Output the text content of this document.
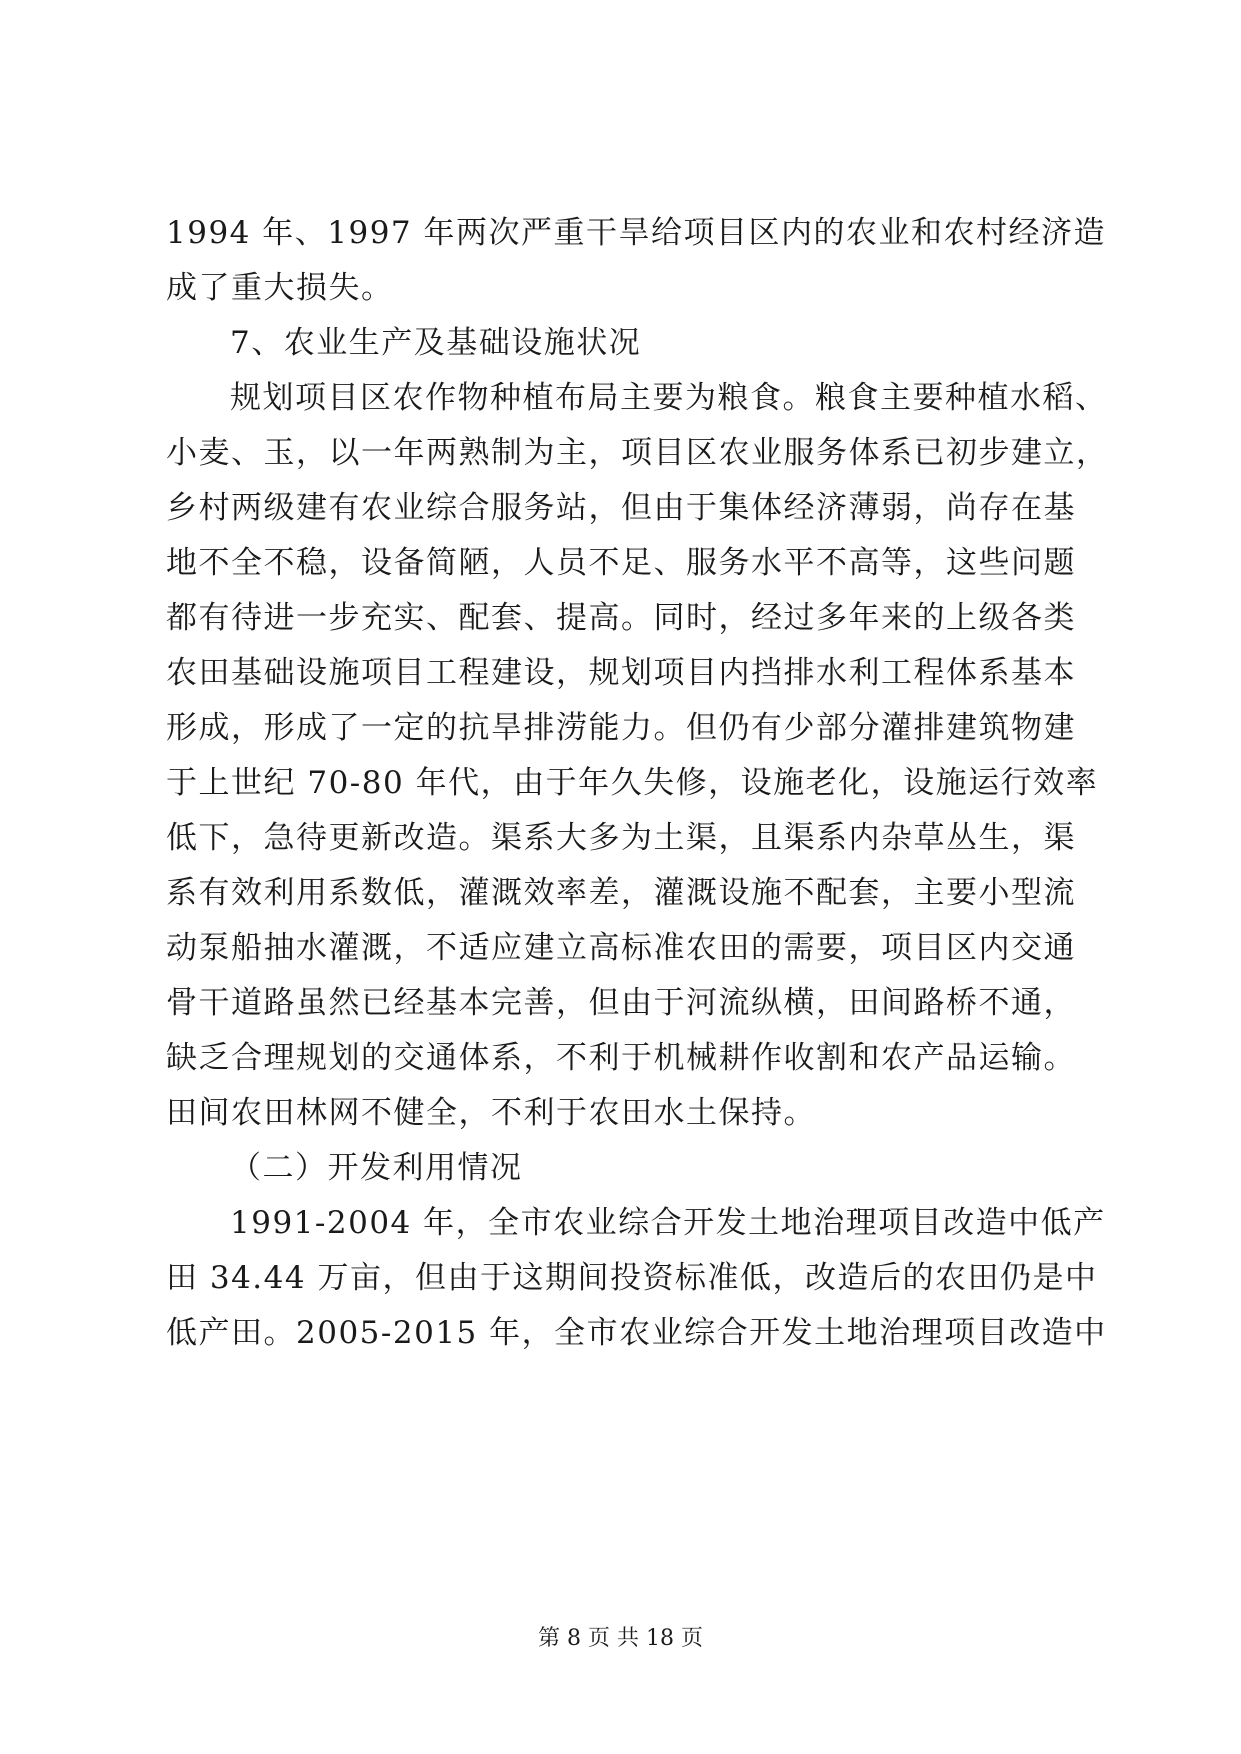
1994 年、1997 年两次严重干旱给项目区内的农业和农村经济造
成了重大损失。
7、农业生产及基础设施状况
规划项目区农作物种植布局主要为粮食。粮食主要种植水稻、
小麦、玉，以一年两熟制为主，项目区农业服务体系已初步建立，
乡村两级建有农业综合服务站，但由于集体经济薄弱，尚存在基
地不全不稳，设备简陋，人员不足、服务水平不高等，这些问题
都有待进一步充实、配套、提高。同时，经过多年来的上级各类
农田基础设施项目工程建设，规划项目内挡排水利工程体系基本
形成，形成了一定的抗旱排涝能力。但仍有少部分灌排建筑物建
于上世纪 70-80 年代，由于年久失修，设施老化，设施运行效率
低下，急待更新改造。渠系大多为土渠，且渠系内杂草丛生，渠
系有效利用系数低，灌溉效率差，灌溉设施不配套，主要小型流
动泵船抽水灌溉，不适应建立高标准农田的需要，项目区内交通
骨干道路虽然已经基本完善，但由于河流纵横，田间路桥不通，
缺乏合理规划的交通体系，不利于机械耕作收割和农产品运输。
田间农田林网不健全，不利于农田水土保持。
（二）开发利用情况
1991-2004 年，全市农业综合开发土地治理项目改造中低产
田 34.44 万亩，但由于这期间投资标准低，改造后的农田仍是中
低产田。2005-2015 年，全市农业综合开发土地治理项目改造中
第 8 页 共 18 页
